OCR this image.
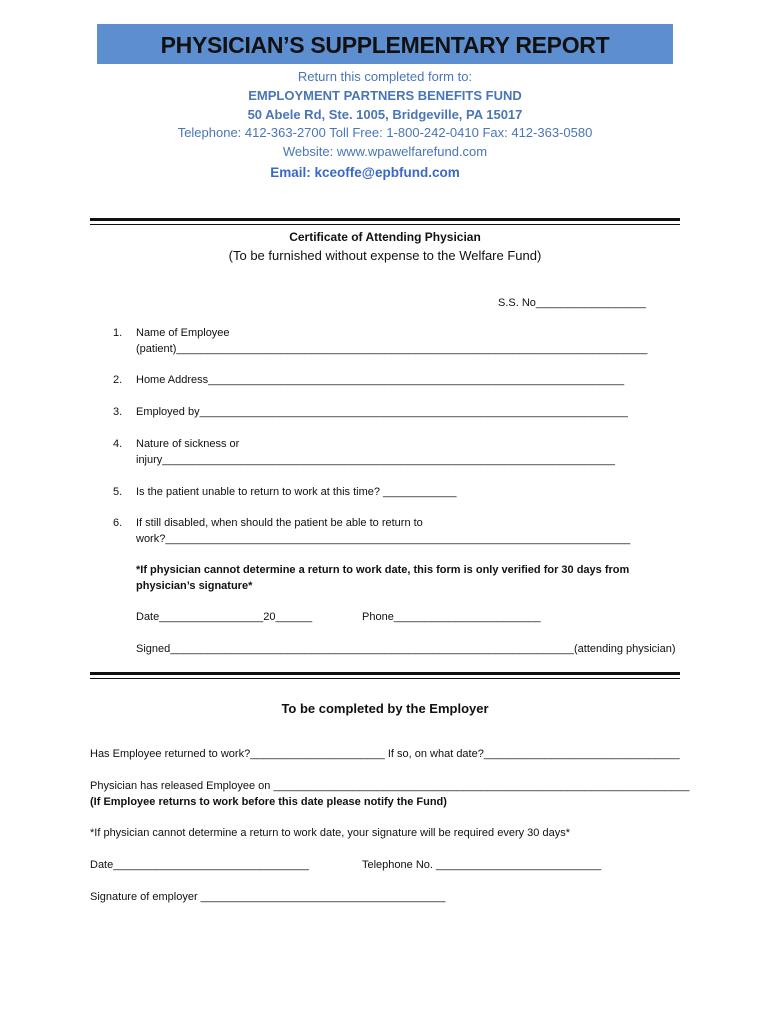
PHYSICIAN’S SUPPLEMENTARY REPORT
Return this completed form to:
EMPLOYMENT PARTNERS BENEFITS FUND
50 Abele Rd, Ste. 1005, Bridgeville, PA 15017
Telephone: 412-363-2700 Toll Free: 1-800-242-0410 Fax: 412-363-0580
Website: www.wpawelfarefund.com
Email: kceoffe@epbfund.com
Certificate of Attending Physician
(To be furnished without expense to the Welfare Fund)
S.S. No__________________
1. Name of Employee
(patient)_____________________________________________________________________________
2. Home Address____________________________________________________________________
3. Employed by______________________________________________________________________
4. Nature of sickness or
injury__________________________________________________________________________
5. Is the patient unable to return to work at this time? ____________
6. If still disabled, when should the patient be able to return to
work?____________________________________________________________________________
*If physician cannot determine a return to work date, this form is only verified for 30 days from
physician’s signature*
Date_________________20______	Phone________________________
Signed__________________________________________________________________(attending physician)
To be completed by the Employer
Has Employee returned to work?______________________ If so, on what date?________________________________
Physician has released Employee on ____________________________________________________________________
(If Employee returns to work before this date please notify the Fund)
*If physician cannot determine a return to work date, your signature will be required every 30 days*
Date________________________________	Telephone No. ___________________________
Signature of employer ________________________________________
